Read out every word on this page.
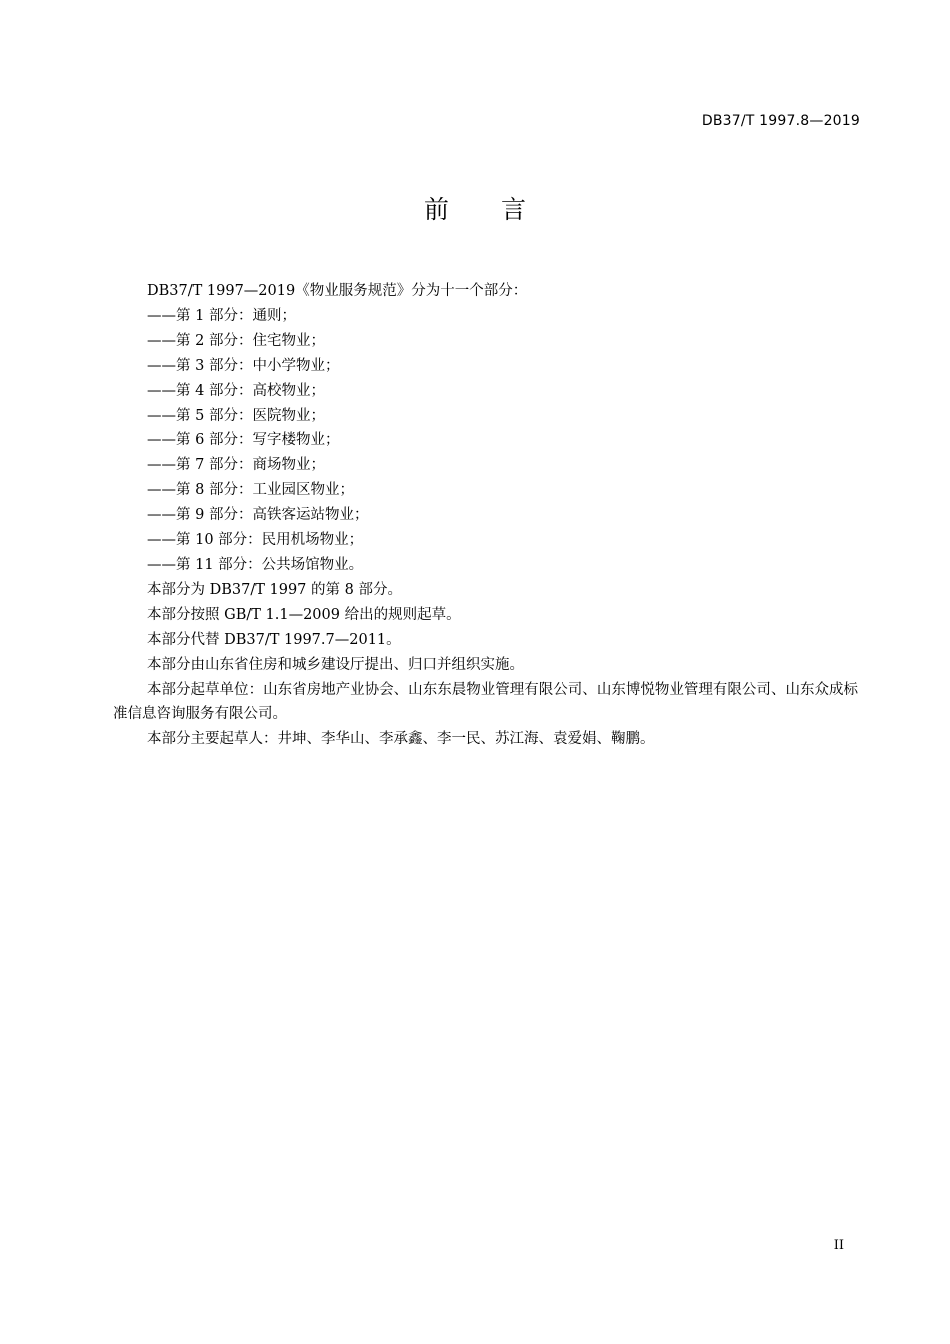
DB37/T 1997.8—2019
前言

DB37/T 1997—2019《物业服务规范》分为十一个部分：

——第 1 部分：通则；

——第 2 部分：住宅物业；

——第 3 部分：中小学物业；

——第 4 部分：高校物业；

——第 5 部分：医院物业；

——第 6 部分：写字楼物业；

——第 7 部分：商场物业；

——第 8 部分：工业园区物业；

——第 9 部分：高铁客运站物业；

——第 10 部分：民用机场物业；

——第 11 部分：公共场馆物业。

本部分为 DB37/T 1997 的第 8 部分。

本部分按照 GB/T 1.1—2009 给出的规则起草。

本部分代替 DB37/T 1997.7—2011。

本部分由山东省住房和城乡建设厅提出、归口并组织实施。

本部分起草单位：山东省房地产业协会、山东东晨物业管理有限公司、山东博悦物业管理有限公司、山东众成标准信息咨询服务有限公司。

本部分主要起草人：井坤、李华山、李承鑫、李一民、苏江海、袁爱娟、鞠鹏。

II
